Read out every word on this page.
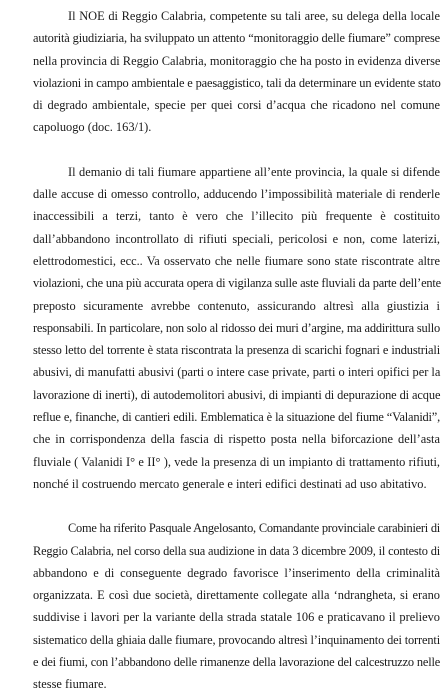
Il NOE di Reggio Calabria, competente su tali aree, su delega della locale
autorità giudiziaria, ha sviluppato un attento “monitoraggio delle fiumare” comprese
nella provincia di Reggio Calabria, monitoraggio che ha posto in evidenza diverse
violazioni in campo ambientale e paesaggistico, tali da determinare un evidente stato
di degrado ambientale, specie per quei corsi d’acqua che ricadono nel comune
capoluogo (doc. 163/1).

Il demanio di tali fiumare appartiene all’ente provincia, la quale si difende
dalle accuse di omesso controllo, adducendo l’impossibilità materiale di renderle
inaccessibili a terzi, tanto è vero che l’illecito più frequente è costituito
dall’abbandono incontrollato di rifiuti speciali, pericolosi e non, come laterizi,
elettrodomestici, ecc.. Va osservato che nelle fiumare sono state riscontrate altre
violazioni, che una più accurata opera di vigilanza sulle aste fluviali da parte dell’ente
preposto sicuramente avrebbe contenuto, assicurando altresì alla giustizia i
responsabili. In particolare, non solo al ridosso dei muri d’argine, ma addirittura sullo
stesso letto del torrente è stata riscontrata la presenza di scarichi fognari e industriali
abusivi, di manufatti abusivi (parti o intere case private, parti o interi opifici per la
lavorazione di inerti), di autodemolitori abusivi, di impianti di depurazione di acque
reflue e, finanche, di cantieri edili. Emblematica è la situazione del fiume “Valanidi”,
che in corrispondenza della fascia di rispetto posta nella biforcazione dell’asta
fluviale ( Valanidi I° e II° ), vede la presenza di un impianto di trattamento rifiuti,
nonché il costruendo mercato generale e interi edifici destinati ad uso abitativo.

Come ha riferito Pasquale Angelosanto, Comandante provinciale carabinieri di
Reggio Calabria, nel corso della sua audizione in data 3 dicembre 2009, il contesto di
abbandono e di conseguente degrado favorisce l’inserimento della criminalità
organizzata. E così due società, direttamente collegate alla ‘ndrangheta, si erano
suddivise i lavori per la variante della strada statale 106 e praticavano il prelievo
sistematico della ghiaia dalle fiumare, provocando altresì l’inquinamento dei torrenti
e dei fiumi, con l’abbandono delle rimanenze della lavorazione del calcestruzzo nelle
stesse fiumare.
